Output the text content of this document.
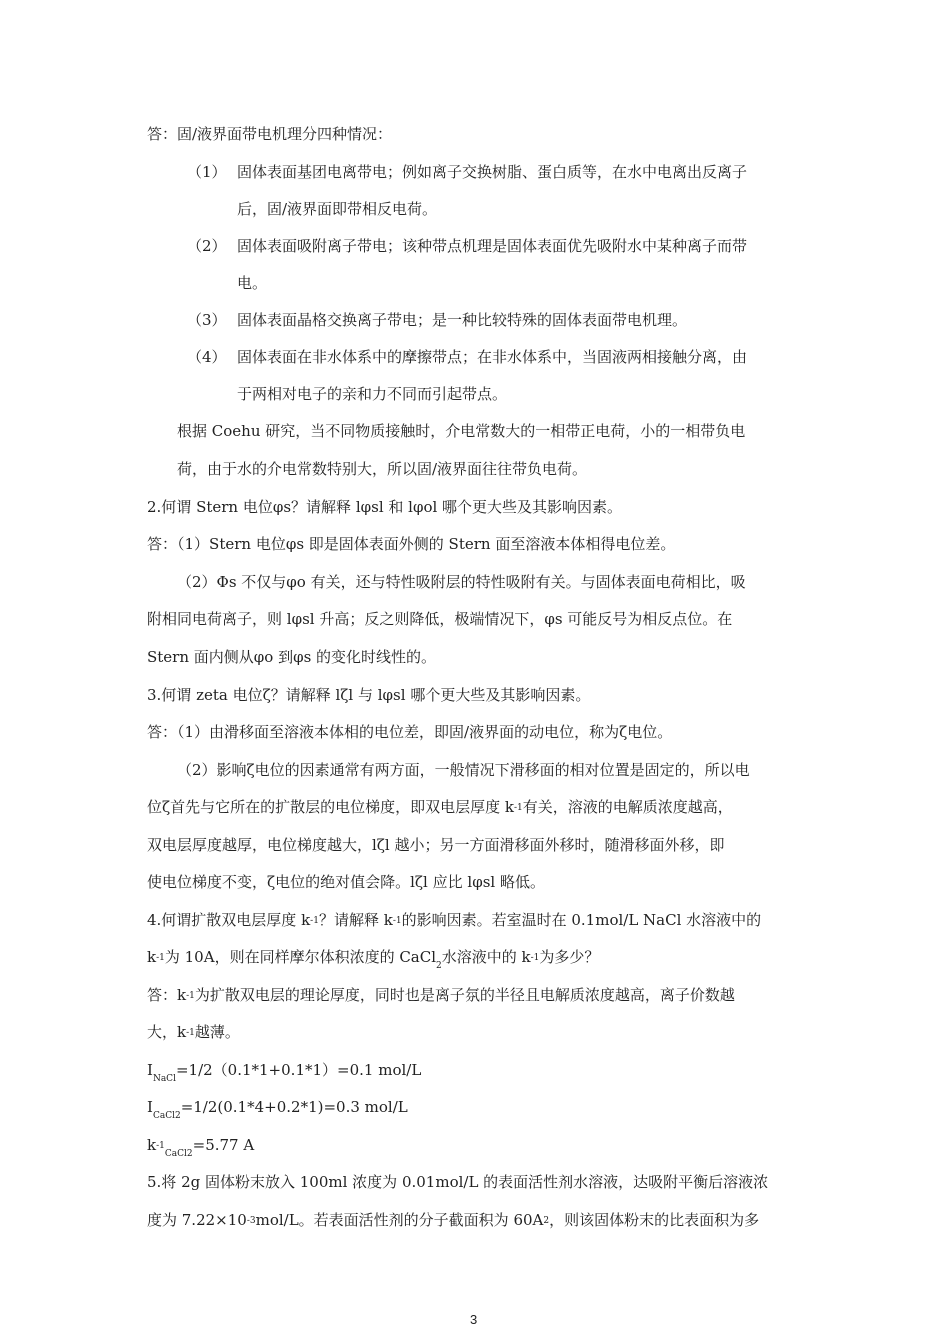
答：固/液界面带电机理分四种情况：
（1） 固体表面基团电离带电；例如离子交换树脂、蛋白质等，在水中电离出反离子
后，固/液界面即带相反电荷。
（2） 固体表面吸附离子带电；该种带点机理是固体表面优先吸附水中某种离子而带
电。
（3） 固体表面晶格交换离子带电；是一种比较特殊的固体表面带电机理。
（4） 固体表面在非水体系中的摩擦带点；在非水体系中，当固液两相接触分离，由
于两相对电子的亲和力不同而引起带点。
根据 Coehu 研究，当不同物质接触时，介电常数大的一相带正电荷，小的一相带负电
荷，由于水的介电常数特别大，所以固/液界面往往带负电荷。
2.何谓 Stern 电位φs？请解释 lφsl 和 lφol 哪个更大些及其影响因素。
答：（1）Stern 电位φs 即是固体表面外侧的 Stern 面至溶液本体相得电位差。
（2）Φs 不仅与φo 有关，还与特性吸附层的特性吸附有关。与固体表面电荷相比，吸
附相同电荷离子，则 lφsl 升高；反之则降低，极端情况下，φs 可能反号为相反点位。在
Stern 面内侧从φo 到φs 的变化时线性的。
3.何谓 zeta 电位ζ？请解释 lζl 与 lφsl 哪个更大些及其影响因素。
答：（1）由滑移面至溶液本体相的电位差，即固/液界面的动电位，称为ζ电位。
（2）影响ζ电位的因素通常有两方面，一般情况下滑移面的相对位置是固定的，所以电
位ζ首先与它所在的扩散层的电位梯度，即双电层厚度 k-1有关，溶液的电解质浓度越高，
双电层厚度越厚，电位梯度越大，lζl 越小；另一方面滑移面外移时，随滑移面外移，即
使电位梯度不变，ζ电位的绝对值会降。lζl 应比 lφsl 略低。
4.何谓扩散双电层厚度 k-1？请解释 k-1的影响因素。若室温时在 0.1mol/L NaCl 水溶液中的
k-1为 10A，则在同样摩尔体积浓度的 CaCl$_2$水溶液中的 k-1为多少？
答：k-1为扩散双电层的理论厚度，同时也是离子氛的半径且电解质浓度越高，离子价数越
大，k-1越薄。
$I_{NaCl}=1/2(0.1*1+0.1*1)=0.1$ mol/L
$I_{CaCl2}=1/2(0.1*4+0.2*1)=0.3$ mol/L
$k-1_{CaCl2}=5.77$ A
5.将 2g 固体粉末放入 100ml 浓度为 0.01mol/L 的表面活性剂水溶液，达吸附平衡后溶液浓
度为 7.22×10-3mol/L。若表面活性剂的分子截面积为 60A2，则该固体粉末的比表面积为多
3
